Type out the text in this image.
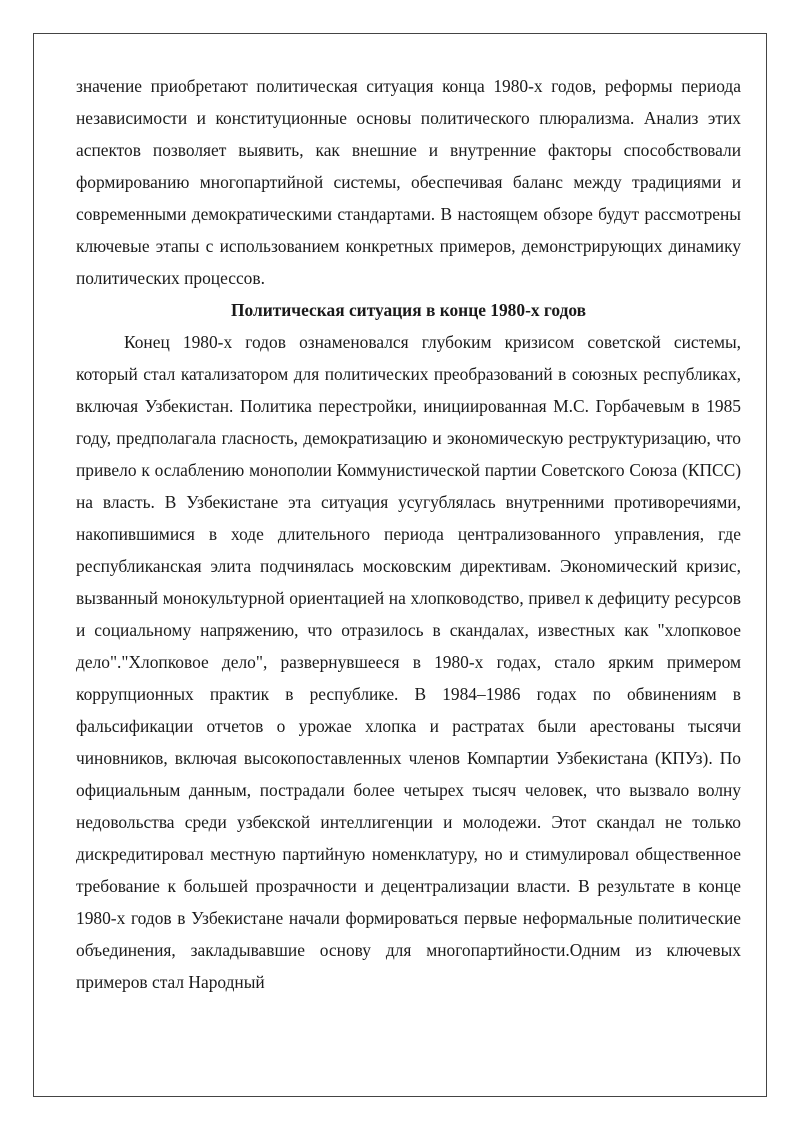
значение приобретают политическая ситуация конца 1980-х годов, реформы периода независимости и конституционные основы политического плюрализма. Анализ этих аспектов позволяет выявить, как внешние и внутренние факторы способствовали формированию многопартийной системы, обеспечивая баланс между традициями и современными демократическими стандартами. В настоящем обзоре будут рассмотрены ключевые этапы с использованием конкретных примеров, демонстрирующих динамику политических процессов.

Политическая ситуация в конце 1980-х годов

Конец 1980-х годов ознаменовался глубоким кризисом советской системы, который стал катализатором для политических преобразований в союзных республиках, включая Узбекистан. Политика перестройки, инициированная М.С. Горбачевым в 1985 году, предполагала гласность, демократизацию и экономическую реструктуризацию, что привело к ослаблению монополии Коммунистической партии Советского Союза (КПСС) на власть. В Узбекистане эта ситуация усугублялась внутренними противоречиями, накопившимися в ходе длительного периода централизованного управления, где республиканская элита подчинялась московским директивам. Экономический кризис, вызванный монокультурной ориентацией на хлопководство, привел к дефициту ресурсов и социальному напряжению, что отразилось в скандалах, известных как "хлопковое дело"."Хлопковое дело", развернувшееся в 1980-х годах, стало ярким примером коррупционных практик в республике. В 1984–1986 годах по обвинениям в фальсификации отчетов о урожае хлопка и растратах были арестованы тысячи чиновников, включая высокопоставленных членов Компартии Узбекистана (КПУз). По официальным данным, пострадали более четырех тысяч человек, что вызвало волну недовольства среди узбекской интеллигенции и молодежи. Этот скандал не только дискредитировал местную партийную номенклатуру, но и стимулировал общественное требование к большей прозрачности и децентрализации власти. В результате в конце 1980-х годов в Узбекистане начали формироваться первые неформальные политические объединения, закладывавшие основу для многопартийности.Одним из ключевых примеров стал Народный
